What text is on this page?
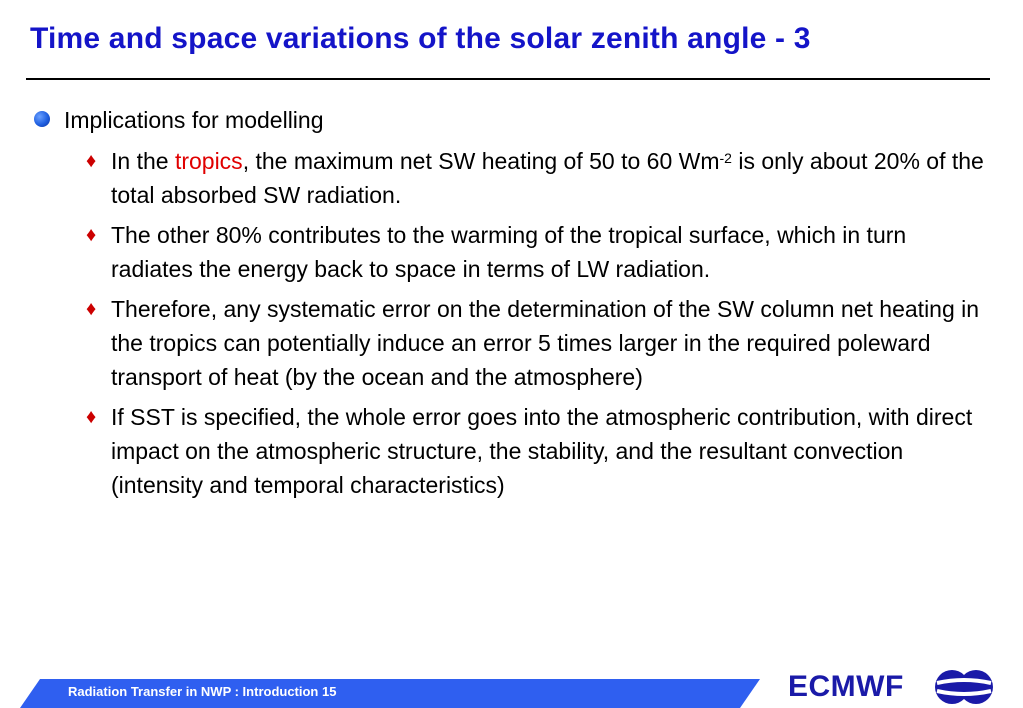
Time and space variations of the solar zenith angle - 3
Implications for modelling
♦ In the tropics, the maximum net SW heating of 50 to 60 $Wm^{-2}$ is only about 20% of the total absorbed SW radiation.
♦ The other 80% contributes to the warming of the tropical surface, which in turn radiates the energy back to space in terms of LW radiation.
♦ Therefore, any systematic error on the determination of the SW column net heating in the tropics can potentially induce an error 5 times larger in the required poleward transport of heat (by the ocean and the atmosphere)
♦ If SST is specified, the whole error goes into the atmospheric contribution, with direct impact on the atmospheric structure, the stability, and the resultant convection (intensity and temporal characteristics)
Radiation Transfer in NWP : Introduction 15	ECMWF
